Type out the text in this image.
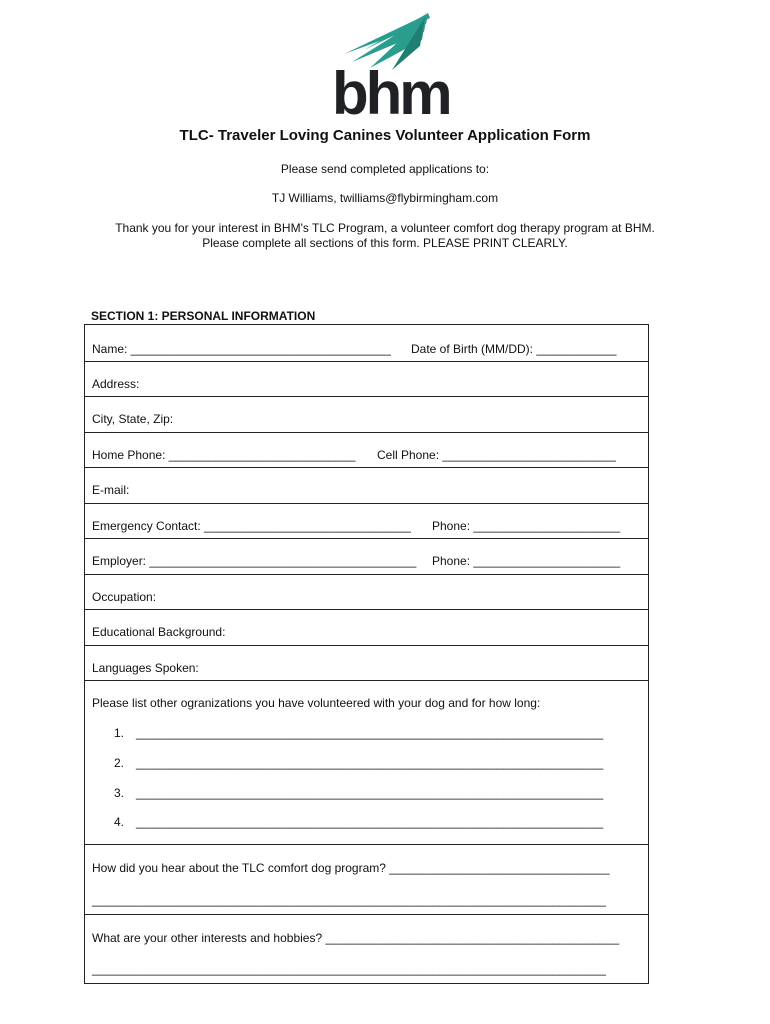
bhm
TLC- Traveler Loving Canines Volunteer Application Form
Please send completed applications to:
TJ Williams, twilliams@flybirmingham.com
Thank you for your interest in BHM's TLC Program, a volunteer comfort dog therapy program at BHM. Please complete all sections of this form. PLEASE PRINT CLEARLY.
SECTION 1: PERSONAL INFORMATION
Name: _______________________________________ Date of Birth (MM/DD): ____________
Address:
City, State, Zip:
Home Phone: ____________________________ Cell Phone: __________________________
E-mail:
Emergency Contact: _______________________________ Phone: ______________________
Employer: ________________________________________ Phone: ______________________
Occupation:
Educational Background:
Languages Spoken:
Please list other ogranizations you have volunteered with your dog and for how long:
1. ______________________________________________________________________
2. ______________________________________________________________________
3. ______________________________________________________________________
4. ______________________________________________________________________
How did you hear about the TLC comfort dog program? _________________________________
_____________________________________________________________________________
What are your other interests and hobbies? ____________________________________________
_____________________________________________________________________________
